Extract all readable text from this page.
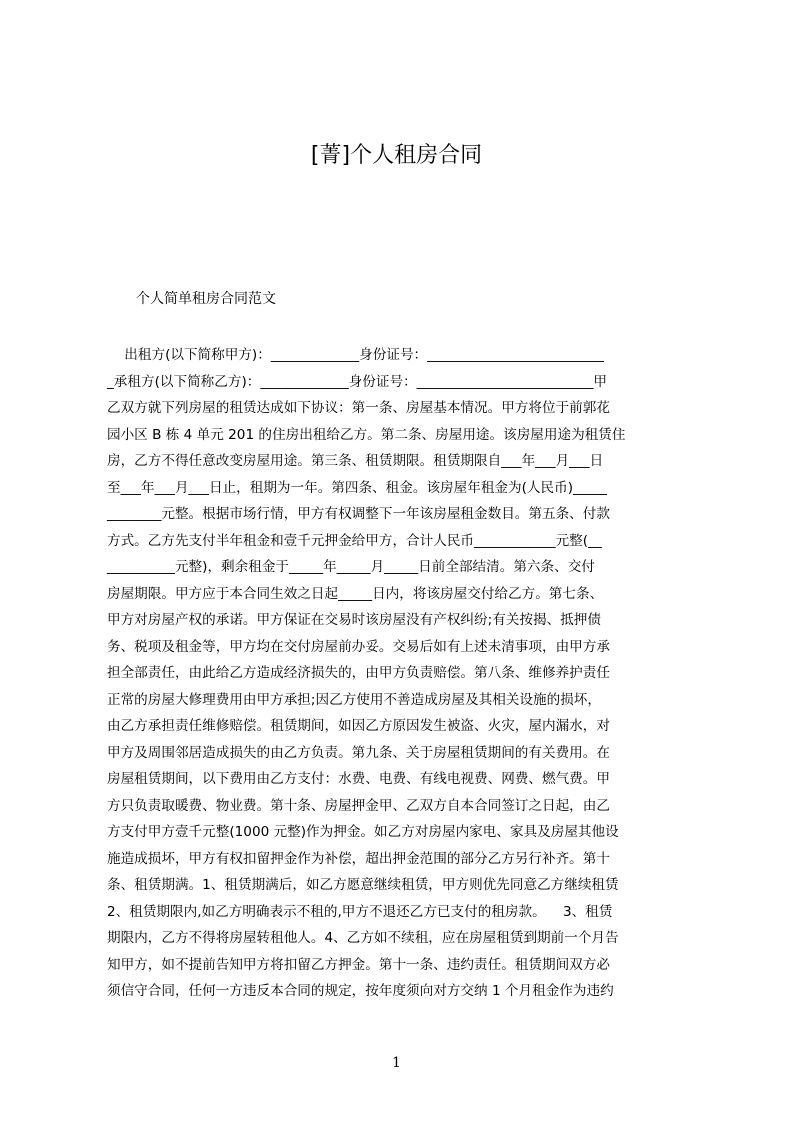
[菁]个人租房合同

个人简单租房合同范文

出租方(以下简称甲方)：_____________身份证号：__________________________
_承租方(以下简称乙方)：_____________身份证号：__________________________甲
乙双方就下列房屋的租赁达成如下协议：第一条、房屋基本情况。甲方将位于前郭花
园小区 B 栋 4 单元 201 的住房出租给乙方。第二条、房屋用途。该房屋用途为租赁住
房，乙方不得任意改变房屋用途。第三条、租赁期限。租赁期限自___年___月___日
至___年___月___日止，租期为一年。第四条、租金。该房屋年租金为(人民币)_____
________元整。根据市场行情，甲方有权调整下一年该房屋租金数目。第五条、付款
方式。乙方先支付半年租金和壹千元押金给甲方，合计人民币____________元整(__
__________元整)，剩余租金于_____年_____月_____日前全部结清。第六条、交付
房屋期限。甲方应于本合同生效之日起_____日内，将该房屋交付给乙方。第七条、
甲方对房屋产权的承诺。甲方保证在交易时该房屋没有产权纠纷;有关按揭、抵押债
务、税项及租金等，甲方均在交付房屋前办妥。交易后如有上述未清事项，由甲方承
担全部责任，由此给乙方造成经济损失的，由甲方负责赔偿。第八条、维修养护责任
正常的房屋大修理费用由甲方承担;因乙方使用不善造成房屋及其相关设施的损坏，
由乙方承担责任维修赔偿。租赁期间，如因乙方原因发生被盗、火灾，屋内漏水，对
甲方及周围邻居造成损失的由乙方负责。第九条、关于房屋租赁期间的有关费用。在
房屋租赁期间，以下费用由乙方支付：水费、电费、有线电视费、网费、燃气费。甲
方只负责取暖费、物业费。第十条、房屋押金甲、乙双方自本合同签订之日起，由乙
方支付甲方壹千元整(1000 元整)作为押金。如乙方对房屋内家电、家具及房屋其他设
施造成损坏，甲方有权扣留押金作为补偿，超出押金范围的部分乙方另行补齐。第十
条、租赁期满。1、租赁期满后，如乙方愿意继续租赁，甲方则优先同意乙方继续租赁
2、租赁期限内,如乙方明确表示不租的,甲方不退还乙方已支付的租房款。    3、租赁
期限内，乙方不得将房屋转租他人。4、乙方如不续租，应在房屋租赁到期前一个月告
知甲方，如不提前告知甲方将扣留乙方押金。第十一条、违约责任。租赁期间双方必
须信守合同，任何一方违反本合同的规定，按年度须向对方交纳 1 个月租金作为违约
1
